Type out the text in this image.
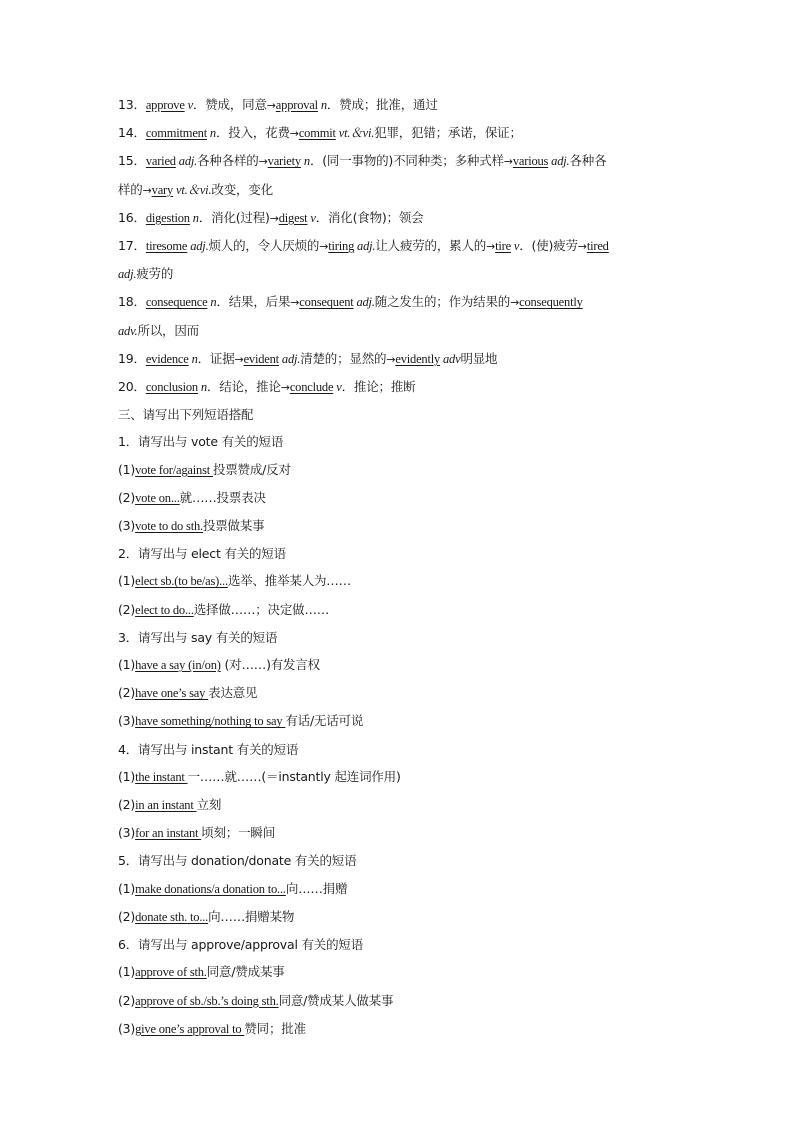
13．approve v．赞成，同意→approval n．赞成；批准，通过

14．commitment n．投入，花费→commit vt.＆vi.犯罪，犯错；承诺，保证；

15．varied adj.各种各样的→variety n．(同一事物的)不同种类；多种式样→various adj.各种各

样的→vary vt.＆vi.改变，变化

16．digestion n．消化(过程)→digest v．消化(食物)；领会

17．tiresome adj.烦人的，令人厌烦的→tiring adj.让人疲劳的，累人的→tire v．(使)疲劳→tired

adj.疲劳的

18．consequence n．结果，后果→consequent adj.随之发生的；作为结果的→consequently

adv.所以，因而

19．evidence n．证据→evident adj.清楚的；显然的→evidently adv明显地

20．conclusion n．结论，推论→conclude v．推论；推断

三、请写出下列短语搭配

1．请写出与 vote 有关的短语

(1)vote for/against 投票赞成/反对

(2)vote on...就……投票表决

(3)vote to do sth.投票做某事

2．请写出与 elect 有关的短语

(1)elect sb.(to be/as)...选举、推举某人为……

(2)elect to do...选择做……；决定做……

3．请写出与 say 有关的短语

(1)have a say (in/on) (对……)有发言权

(2)have one’s say 表达意见

(3)have something/nothing to say 有话/无话可说

4．请写出与 instant 有关的短语

(1)the instant 一……就……(＝instantly 起连词作用)

(2)in an instant 立刻

(3)for an instant 顷刻；一瞬间

5．请写出与 donation/donate 有关的短语

(1)make donations/a donation to...向……捐赠

(2)donate sth. to...向……捐赠某物

6．请写出与 approve/approval 有关的短语

(1)approve of sth.同意/赞成某事

(2)approve of sb./sb.’s doing sth.同意/赞成某人做某事

(3)give one’s approval to 赞同；批准
